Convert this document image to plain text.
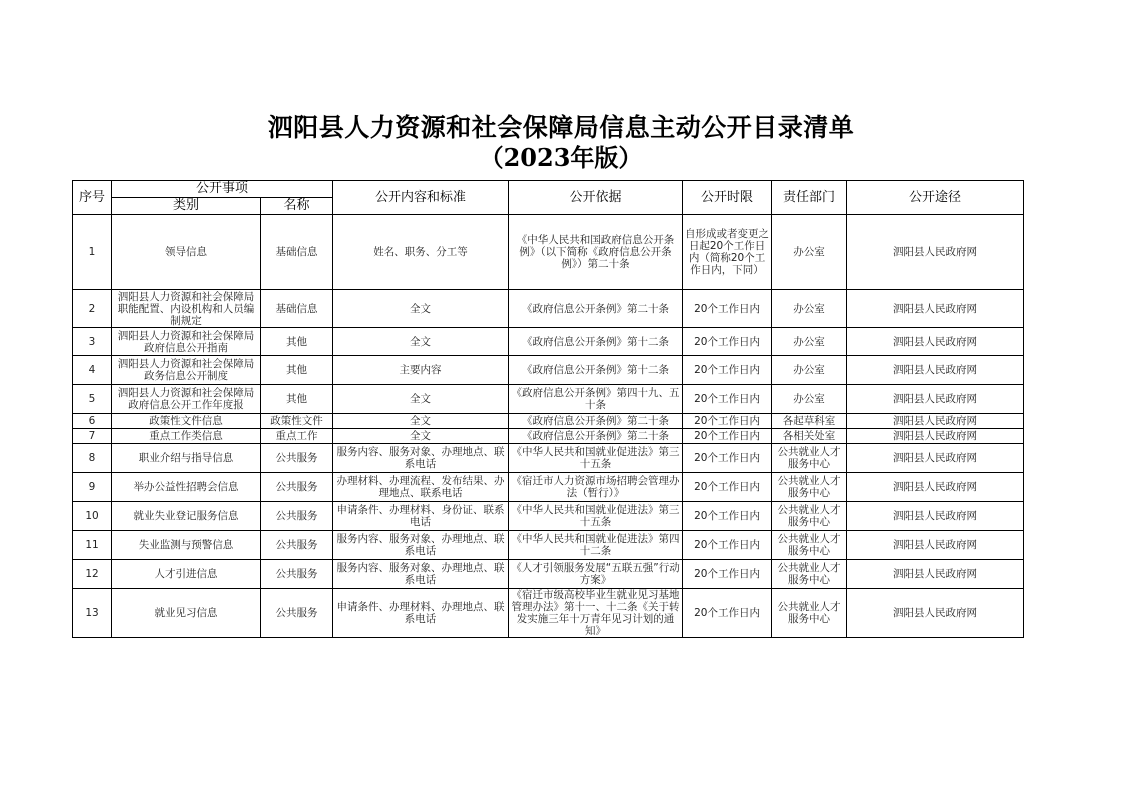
泗阳县人力资源和社会保障局信息主动公开目录清单
（2023年版）
序号	公开事项		公开内容和标准	公开依据	公开时限	责任部门	公开途径
	类别	名称					
1	领导信息	基础信息	姓名、职务、分工等	《中华人民共和国政府信息公开条例》（以下简称《政府信息公开条例》）第二十条	自形成或者变更之日起20个工作日内（简称20个工作日内，下同）	办公室	泗阳县人民政府网
2	泗阳县人力资源和社会保障局职能配置、内设机构和人员编制规定	基础信息	全文	《政府信息公开条例》第二十条	20个工作日内	办公室	泗阳县人民政府网
3	泗阳县人力资源和社会保障局政府信息公开指南	其他	全文	《政府信息公开条例》第十二条	20个工作日内	办公室	泗阳县人民政府网
4	泗阳县人力资源和社会保障局政务信息公开制度	其他	主要内容	《政府信息公开条例》第十二条	20个工作日内	办公室	泗阳县人民政府网
5	泗阳县人力资源和社会保障局政府信息公开工作年度报	其他	全文	《政府信息公开条例》第四十九、五十条	20个工作日内	办公室	泗阳县人民政府网
6	政策性文件信息	政策性文件	全文	《政府信息公开条例》第二十条	20个工作日内	各起草科室	泗阳县人民政府网
7	重点工作类信息	重点工作	全文	《政府信息公开条例》第二十条	20个工作日内	各相关处室	泗阳县人民政府网
8	职业介绍与指导信息	公共服务	服务内容、服务对象、办理地点、联系电话	《中华人民共和国就业促进法》第三十五条	20个工作日内	公共就业人才服务中心	泗阳县人民政府网
9	举办公益性招聘会信息	公共服务	办理材料、办理流程、发布结果、办理地点、联系电话	《宿迁市人力资源市场招聘会管理办法（暂行）》	20个工作日内	公共就业人才服务中心	泗阳县人民政府网
10	就业失业登记服务信息	公共服务	申请条件、办理材料、身份证、联系电话	《中华人民共和国就业促进法》第三十五条	20个工作日内	公共就业人才服务中心	泗阳县人民政府网
11	失业监测与预警信息	公共服务	服务内容、服务对象、办理地点、联系电话	《中华人民共和国就业促进法》第四十二条	20个工作日内	公共就业人才服务中心	泗阳县人民政府网
12	人才引进信息	公共服务	服务内容、服务对象、办理地点、联系电话	《人才引领服务发展“五联五强”行动方案》	20个工作日内	公共就业人才服务中心	泗阳县人民政府网
13	就业见习信息	公共服务	申请条件、办理材料、办理地点、联系电话	《宿迁市级高校毕业生就业见习基地管理办法》第十一、十二条《关于转发实施三年十万青年见习计划的通知》	20个工作日内	公共就业人才服务中心	泗阳县人民政府网
